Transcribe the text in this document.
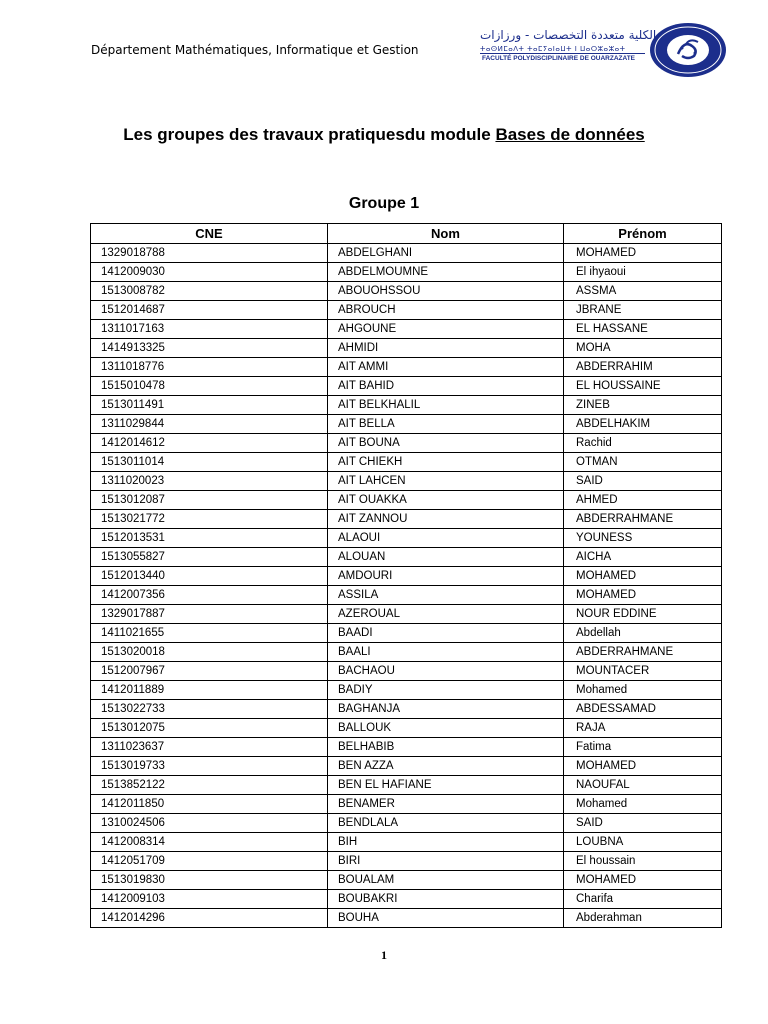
Département Mathématiques, Informatique et Gestion
الكلية متعددة التخصصات - ورزازات
ⵜⴰⵙⵍⵎⴰⴷⵜ ⵜⴰⵎⵢⴰⵏⴰⵡⵜ ⵏ ⵡⴰⵔⵣⴰⵣⴰⵜ
FACULTÉ POLYDISCIPLINAIRE DE OUARZAZATE
Les groupes des travaux pratiquesdu module Bases de données
Groupe 1
CNE	Nom	Prénom
1329018788	ABDELGHANI	MOHAMED
1412009030	ABDELMOUMNE	El ihyaoui
1513008782	ABOUOHSSOU	ASSMA
1512014687	ABROUCH	JBRANE
1311017163	AHGOUNE	EL HASSANE
1414913325	AHMIDI	MOHA
1311018776	AIT AMMI	ABDERRAHIM
1515010478	AIT BAHID	EL HOUSSAINE
1513011491	AIT BELKHALIL	ZINEB
1311029844	AIT BELLA	ABDELHAKIM
1412014612	AIT BOUNA	Rachid
1513011014	AIT CHIEKH	OTMAN
1311020023	AIT LAHCEN	SAID
1513012087	AIT OUAKKA	AHMED
1513021772	AIT ZANNOU	ABDERRAHMANE
1512013531	ALAOUI	YOUNESS
1513055827	ALOUAN	AICHA
1512013440	AMDOURI	MOHAMED
1412007356	ASSILA	MOHAMED
1329017887	AZEROUAL	NOUR EDDINE
1411021655	BAADI	Abdellah
1513020018	BAALI	ABDERRAHMANE
1512007967	BACHAOU	MOUNTACER
1412011889	BADIY	Mohamed
1513022733	BAGHANJA	ABDESSAMAD
1513012075	BALLOUK	RAJA
1311023637	BELHABIB	Fatima
1513019733	BEN AZZA	MOHAMED
1513852122	BEN EL HAFIANE	NAOUFAL
1412011850	BENAMER	Mohamed
1310024506	BENDLALA	SAID
1412008314	BIH	LOUBNA
1412051709	BIRI	El houssain
1513019830	BOUALAM	MOHAMED
1412009103	BOUBAKRI	Charifa
1412014296	BOUHA	Abderahman
1
